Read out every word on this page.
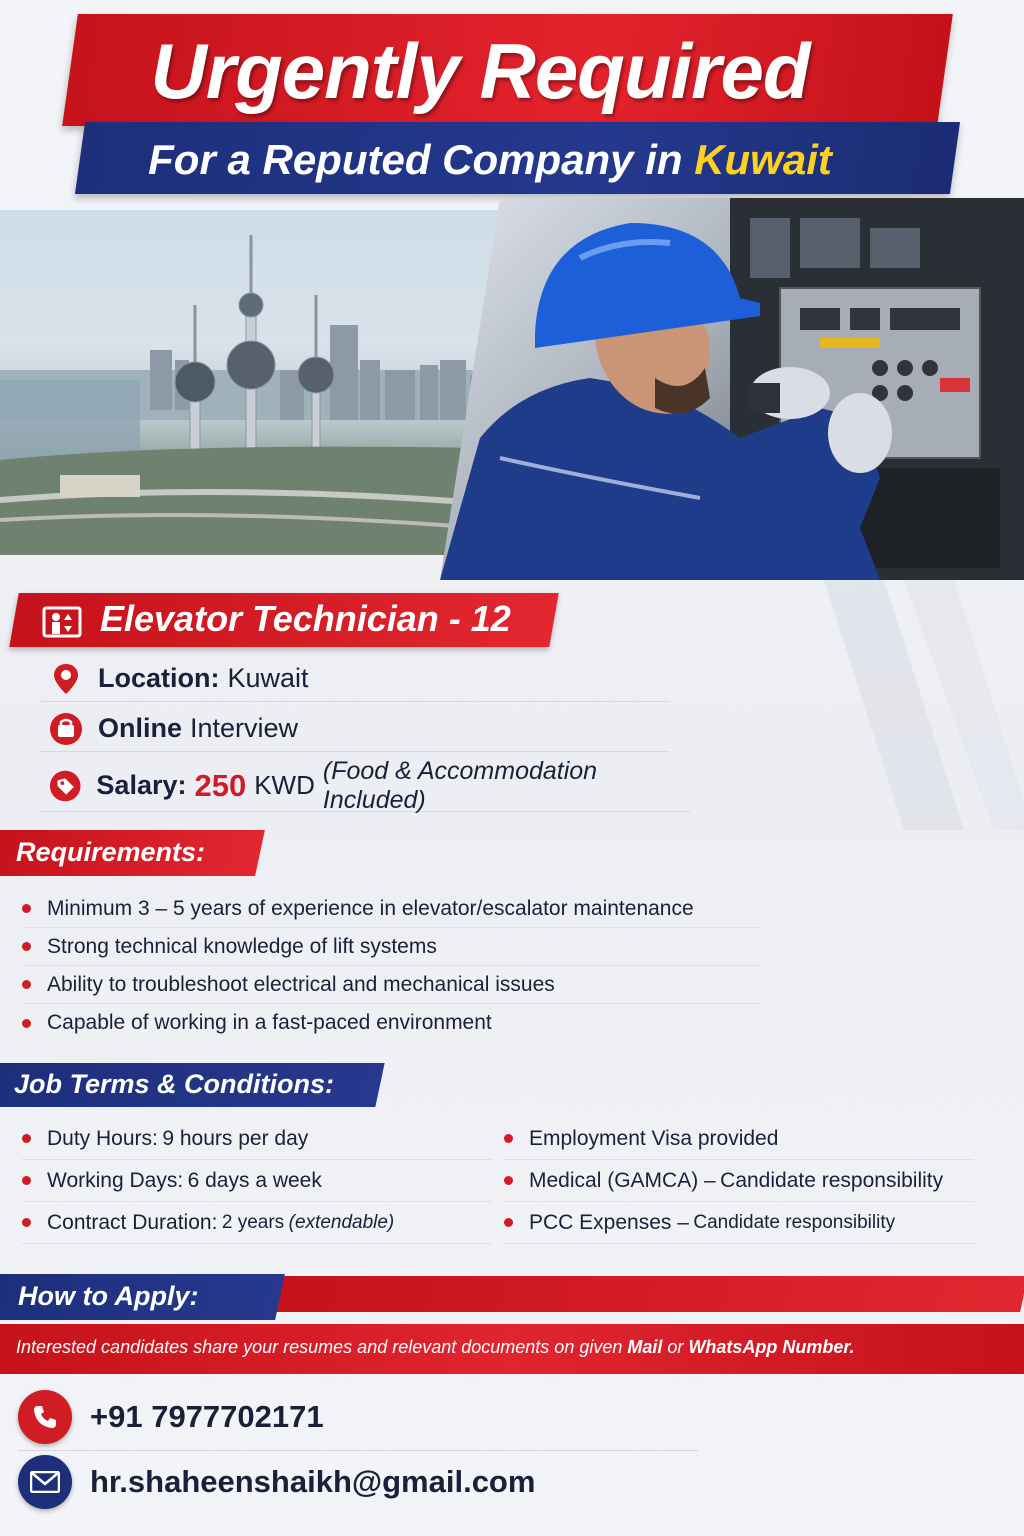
Urgently Required
For a Reputed Company in Kuwait
Elevator Technician - 12
Location: Kuwait
Online Interview
Salary: 250 KWD (Food & Accommodation Included)
Requirements:
Minimum 3 – 5 years of experience in elevator/escalator maintenance
Strong technical knowledge of lift systems
Ability to troubleshoot electrical and mechanical issues
Capable of working in a fast-paced environment
Job Terms & Conditions:
Duty Hours:
9 hours per day
Working Days:
6 days a week
Contract Duration:
2 years
(extendable)
Employment Visa provided
Medical (GAMCA) –
Candidate responsibility
PCC Expenses –
Candidate responsibility
How to Apply:
Interested candidates share your resumes and relevant documents on given Mail or WhatsApp Number.
+91 7977702171
hr.shaheenshaikh@gmail.com
